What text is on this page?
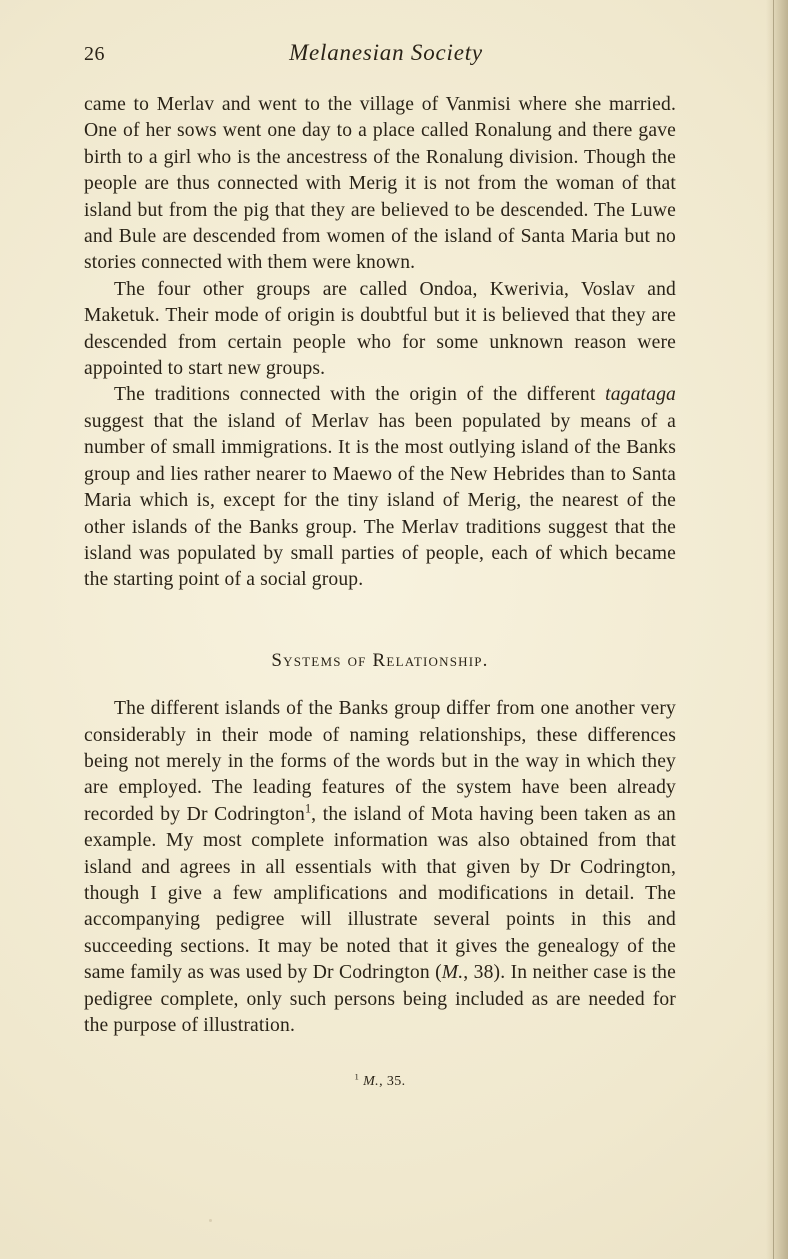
26	Melanesian Society

came to Merlav and went to the village of Vanmisi where she married. One of her sows went one day to a place called Ronalung and there gave birth to a girl who is the ancestress of the Ronalung division. Though the people are thus connected with Merig it is not from the woman of that island but from the pig that they are believed to be descended. The Luwe and Bule are descended from women of the island of Santa Maria but no stories connected with them were known.

The four other groups are called Ondoa, Kwerivia, Voslav and Maketuk. Their mode of origin is doubtful but it is believed that they are descended from certain people who for some unknown reason were appointed to start new groups.

The traditions connected with the origin of the different tagataga suggest that the island of Merlav has been populated by means of a number of small immigrations. It is the most outlying island of the Banks group and lies rather nearer to Maewo of the New Hebrides than to Santa Maria which is, except for the tiny island of Merig, the nearest of the other islands of the Banks group. The Merlav traditions suggest that the island was populated by small parties of people, each of which became the starting point of a social group.

Systems of Relationship.

The different islands of the Banks group differ from one another very considerably in their mode of naming relationships, these differences being not merely in the forms of the words but in the way in which they are employed. The leading features of the system have been already recorded by Dr Codrington$^1$, the island of Mota having been taken as an example. My most complete information was also obtained from that island and agrees in all essentials with that given by Dr Codrington, though I give a few amplifications and modifications in detail. The accompanying pedigree will illustrate several points in this and succeeding sections. It may be noted that it gives the genealogy of the same family as was used by Dr Codrington (M., 38). In neither case is the pedigree complete, only such persons being included as are needed for the purpose of illustration.

$^1$ M., 35.
